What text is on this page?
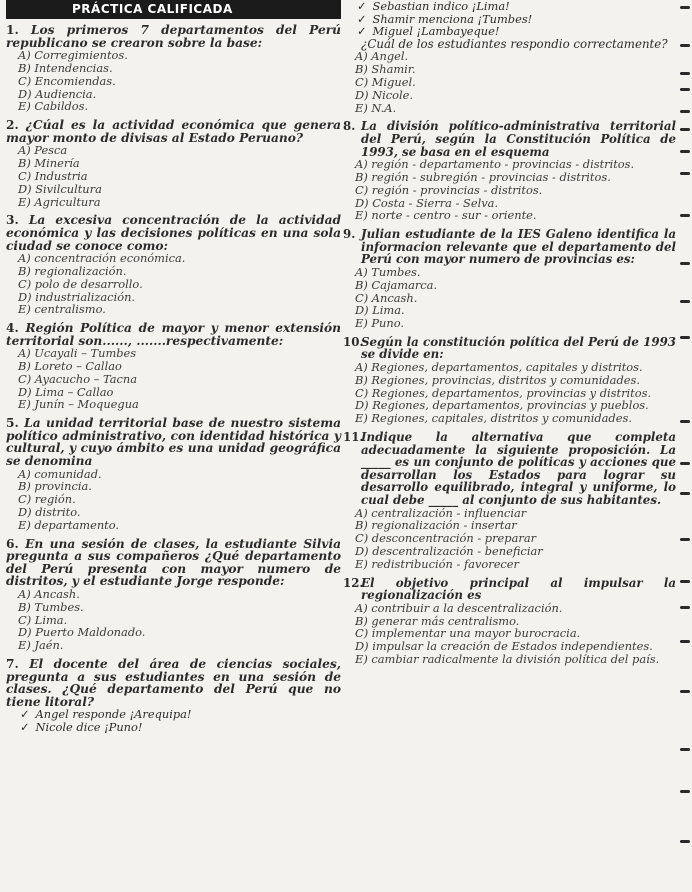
PRÁCTICA CALIFICADA

1. Los primeros 7 departamentos del Perú republicano se crearon sobre la base:

A) Corregimientos.
B) Intendencias.
C) Encomiendas.
D) Audiencia.
E) Cabildos.

2. ¿Cúal es la actividad económica que genera mayor monto de divisas al Estado Peruano?

A) Pesca
B) Minería
C) Industria
D) Sivilcultura
E) Agricultura

3. La excesiva concentración de la actividad económica y las decisiones políticas en una sola ciudad se conoce como:

A) concentración económica.
B) regionalización.
C) polo de desarrollo.
D) industrialización.
E) centralismo.

4. Región Política de mayor y menor extensión territorial son......, .......respectivamente:

A) Ucayali – Tumbes
B) Loreto – Callao
C) Ayacucho – Tacna
D) Lima – Callao
E) Junín – Moquegua

5. La unidad territorial base de nuestro sistema político administrativo, con identidad histórica y cultural, y cuyo ámbito es una unidad geográfica se denomina

A) comunidad.
B) provincia.
C) región.
D) distrito.
E) departamento.

6. En una sesión de clases, la estudiante Silvia pregunta a sus compañeros ¿Qué departamento del Perú presenta con mayor numero de distritos, y el estudiante Jorge responde:

A) Ancash.
B) Tumbes.
C) Lima.
D) Puerto Maldonado.
E) Jaén.

7. El docente del área de ciencias sociales, pregunta a sus estudiantes en una sesión de clases. ¿Qué departamento del Perú que no tiene litoral?

✓ Angel responde ¡Arequipa!
✓ Nicole dice ¡Puno!
✓ Sebastian indico ¡Lima!
✓ Shamir menciona ¡Tumbes!
✓ Miguel ¡Lambayeque!
¿Cuál de los estudiantes respondio correctamente?
A) Angel.
B) Shamir.
C) Miguel.
D) Nicole.
E) N.A.
8. La división político-administrativa territorial del Perú, según la Constitución Política de 1993, se basa en el esquema
A) región - departamento - provincias - distritos.
B) región - subregión - provincias - distritos.
C) región - provincias - distritos.
D) Costa - Sierra - Selva.
E) norte - centro - sur - oriente.
9. Julian estudiante de la IES Galeno identifica la informacion relevante que el departamento del Perú con mayor numero de provincias es:
A) Tumbes.
B) Cajamarca.
C) Ancash.
D) Lima.
E) Puno.
10.
Según la constitución política del Perú de 1993 se divide en:
A) Regiones, departamentos, capitales y distritos.
B) Regiones, provincias, distritos y comunidades.
C) Regiones, departamentos, provincias y distritos.
D) Regiones, departamentos, provincias y pueblos.
E) Regiones, capitales, distritos y comunidades.
11.
Indique la alternativa que completa adecuadamente la siguiente proposición. La _____ es un conjunto de políticas y acciones que desarrollan los Estados para lograr su desarrollo equilibrado, integral y uniforme, lo cual debe _____ al conjunto de sus habitantes.
A) centralización - influenciar
B) regionalización - insertar
C) desconcentración - preparar
D) descentralización - beneficiar
E) redistribución - favorecer
12.
El objetivo principal al impulsar la regionalización es
A) contribuir a la descentralización.
B) generar más centralismo.
C) implementar una mayor burocracia.
D) impulsar la creación de Estados independientes.
E) cambiar radicalmente la división política del país.
